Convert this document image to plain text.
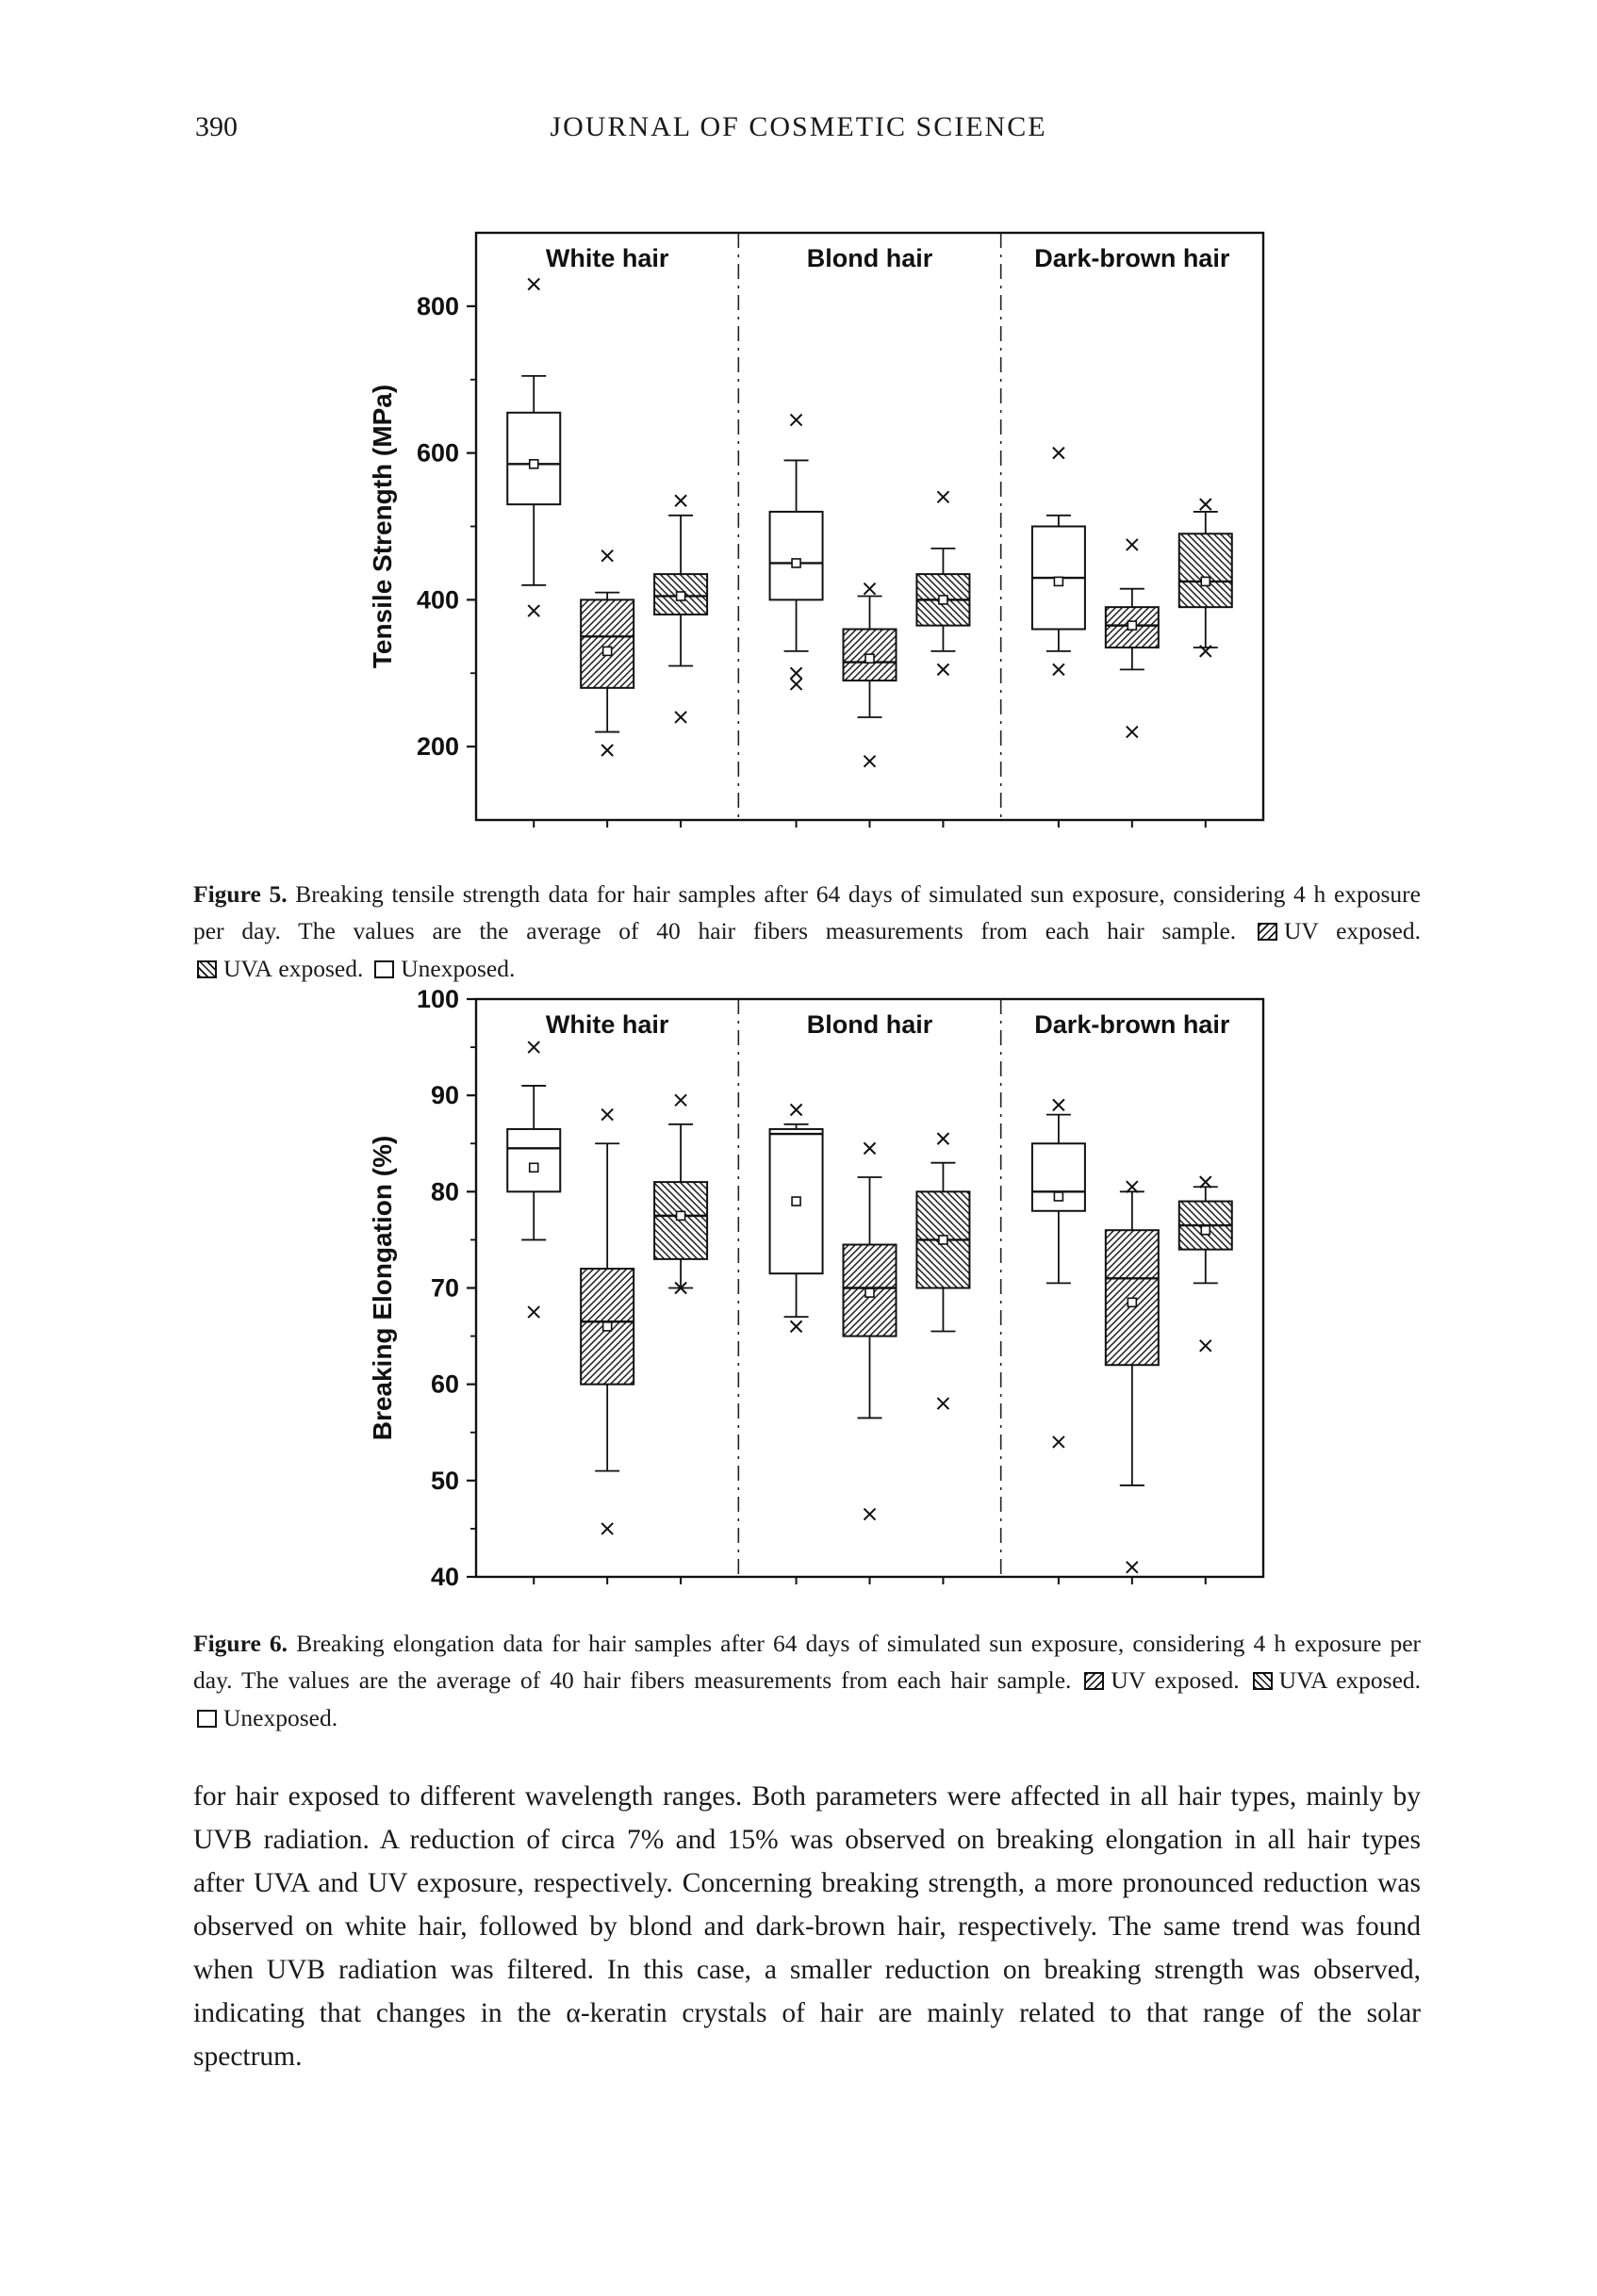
390	JOURNAL OF COSMETIC SCIENCE
200
400
600
800
White hair	Blond hair	Dark-brown hair
Tensile Strength (MPa)

Figure 5. Breaking tensile strength data for hair samples after 64 days of simulated sun exposure, considering 4 h exposure per day. The values are the average of 40 hair fibers measurements from each hair sample. UV exposed. UVA exposed. Unexposed.

40
50
60
70
80
90
100
White hair	Blond hair	Dark-brown hair
Breaking Elongation (%)

Figure 6. Breaking elongation data for hair samples after 64 days of simulated sun exposure, considering 4 h exposure per day. The values are the average of 40 hair fibers measurements from each hair sample. UV exposed. UVA exposed. Unexposed.

for hair exposed to different wavelength ranges. Both parameters were affected in all hair types, mainly by UVB radiation. A reduction of circa 7% and 15% was observed on breaking elongation in all hair types after UVA and UV exposure, respectively. Concerning breaking strength, a more pronounced reduction was observed on white hair, followed by blond and dark-brown hair, respectively. The same trend was found when UVB radiation was filtered. In this case, a smaller reduction on breaking strength was observed, indicating that changes in the α-keratin crystals of hair are mainly related to that range of the solar spectrum.
